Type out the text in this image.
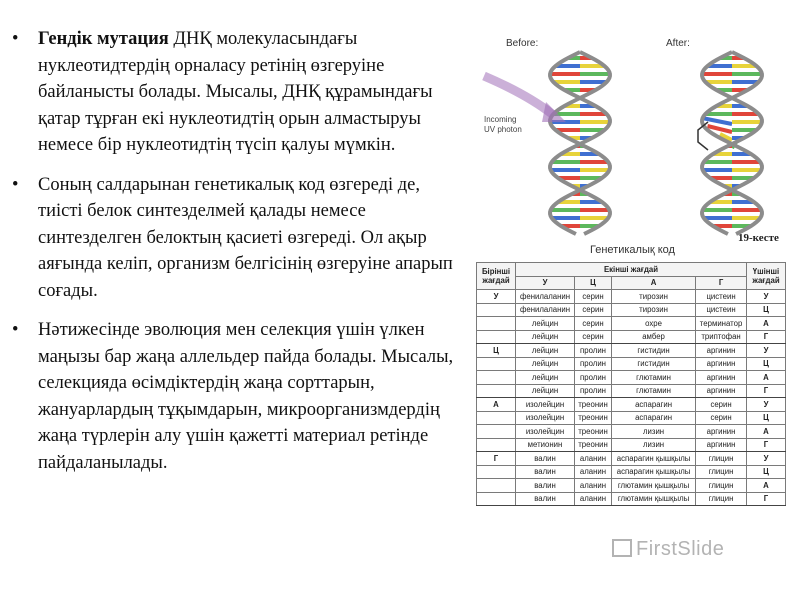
• Гендік мутация ДНҚ молекуласындағы нуклеотидтердің орналасу ретінің өзгеруіне байланысты болады. Мысалы, ДНҚ құрамындағы қатар тұрған екі нуклеотидтің орын алмастыруы немесе бір нуклеотидтің түсіп қалуы мүмкін.
• Соның салдарынан генетикалық код өзгереді де, тиісті белок синтезделмей қалады немесе синтезделген белоктың қасиеті өзгереді. Ол ақыр аяғында келіп, организм белгісінің өзгеруіне апарып соғады.
• Нәтижесінде эволюция мен селекция үшін үлкен маңызы бар жаңа аллельдер пайда болады. Мысалы, селекцияда өсімдіктердің жаңа сорттарын, жануарлардың тұқымдарын, микроорганизмдердің жаңа түрлерін алу үшін қажетті материал ретінде пайдаланылады.
Before:	After:
Incoming
UV photon
19-кесте
Генетикалық код
Бірінші жағдай	Екінші жағдай				Үшінші жағдай
	У	Ц	А	Г	
У	фенилаланин	серин	тирозин	цистеин	У
	фенилаланин	серин	тирозин	цистеин	Ц
	лейцин	серин	охре	терминатор	А
	лейцин	серин	амбер	триптофан	Г
Ц	лейцин	пролин	гистидин	аргинин	У
	лейцин	пролин	гистидин	аргинин	Ц
	лейцин	пролин	глютамин	аргинин	А
	лейцин	пролин	глютамин	аргинин	Г
А	изолейцин	треонин	аспарагин	серин	У
	изолейцин	треонин	аспарагин	серин	Ц
	изолейцин	треонин	лизин	аргинин	А
	метионин	треонин	лизин	аргинин	Г
Г	валин	аланин	аспарагин қышқылы	глицин	У
	валин	аланин	аспарагин қышқылы	глицин	Ц
	валин	аланин	глютамин қышқылы	глицин	А
	валин	аланин	глютамин қышқылы	глицин	Г
FirstSlide
